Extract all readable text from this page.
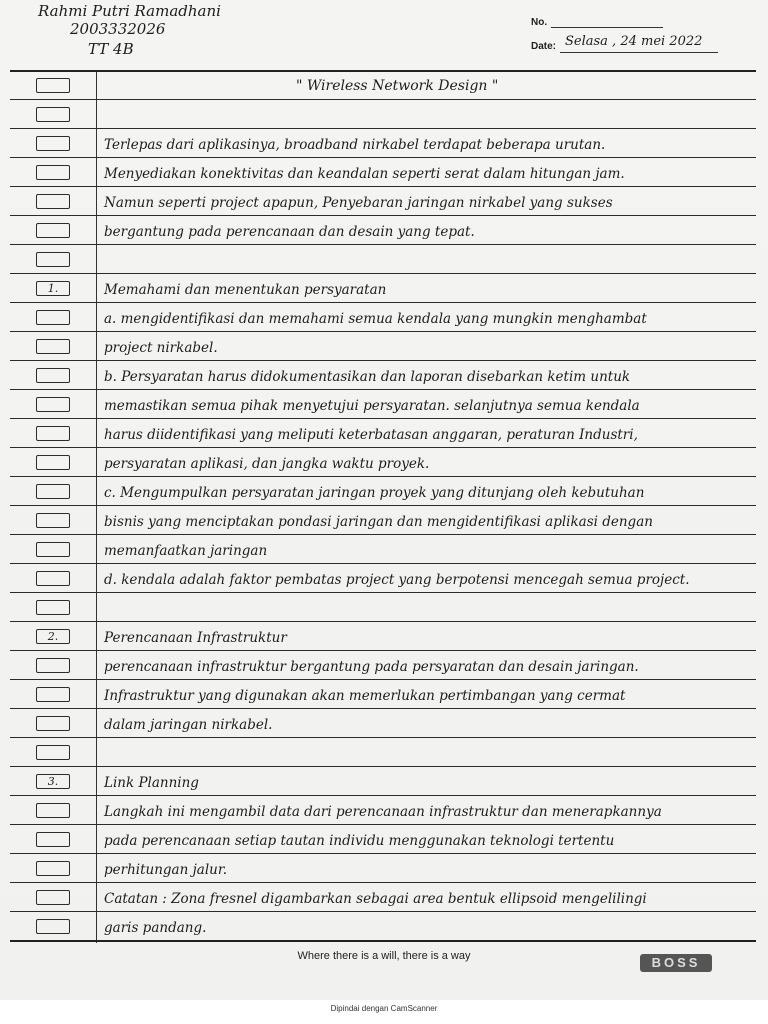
Rahmi Putri Ramadhani
2003332026
TT 4B
No.
Date: Selasa , 24 mei 2022
" Wireless Network Design "
Terlepas dari aplikasinya, broadband nirkabel terdapat beberapa urutan.
Menyediakan konektivitas dan keandalan seperti serat dalam hitungan jam.
Namun seperti project apapun, Penyebaran jaringan nirkabel yang sukses
bergantung pada perencanaan dan desain yang tepat.
1.	Memahami dan menentukan persyaratan
a. mengidentifikasi dan memahami semua kendala yang mungkin menghambat
project nirkabel.
b. Persyaratan harus didokumentasikan dan laporan disebarkan ketim untuk
memastikan semua pihak menyetujui persyaratan. selanjutnya semua kendala
harus diidentifikasi yang meliputi keterbatasan anggaran, peraturan Industri,
persyaratan aplikasi, dan jangka waktu proyek.
c. Mengumpulkan persyaratan jaringan proyek yang ditunjang oleh kebutuhan
bisnis yang menciptakan pondasi jaringan dan mengidentifikasi aplikasi dengan
memanfaatkan jaringan
d. kendala adalah faktor pembatas project yang berpotensi mencegah semua project.
2.	Perencanaan Infrastruktur
perencanaan infrastruktur bergantung pada persyaratan dan desain jaringan.
Infrastruktur yang digunakan akan memerlukan pertimbangan yang cermat
dalam jaringan nirkabel.
3.	Link Planning
Langkah ini mengambil data dari perencanaan infrastruktur dan menerapkannya
pada perencanaan setiap tautan individu menggunakan teknologi tertentu
perhitungan jalur.
Catatan : Zona fresnel digambarkan sebagai area bentuk ellipsoid mengelilingi
garis pandang.
Where there is a will, there is a way	BOSS
Dipindai dengan CamScanner
